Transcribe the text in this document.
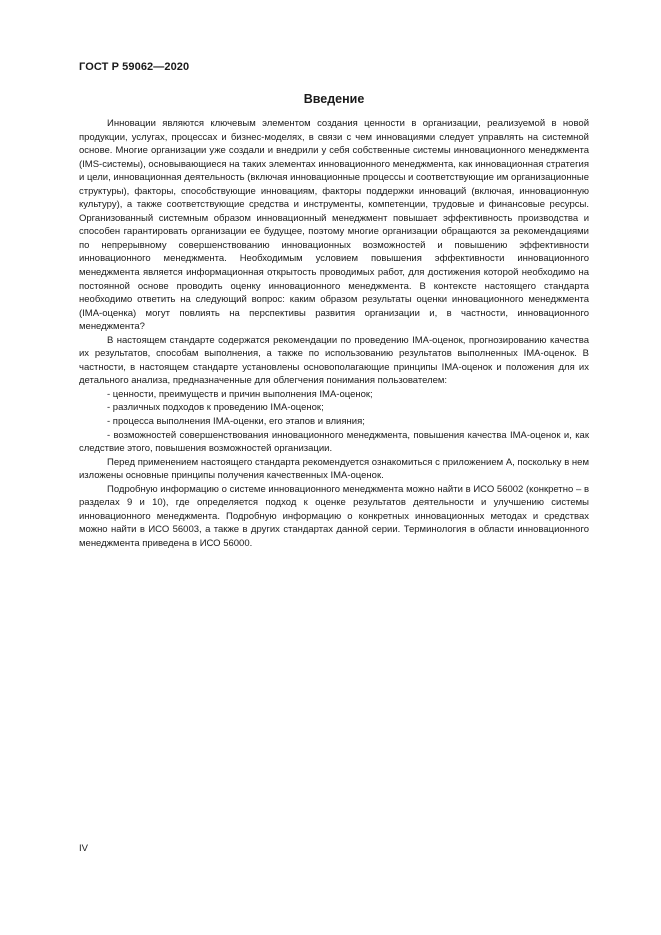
ГОСТ Р 59062—2020
Введение

Инновации являются ключевым элементом создания ценности в организации, реализуемой в новой продукции, услугах, процессах и бизнес-моделях, в связи с чем инновациями следует управлять на системной основе. Многие организации уже создали и внедрили у себя собственные системы инновационного менеджмента (IMS-системы), основывающиеся на таких элементах инновационного менеджмента, как инновационная стратегия и цели, инновационная деятельность (включая инновационные процессы и соответствующие им организационные структуры), факторы, способствующие инновациям, факторы поддержки инноваций (включая, инновационную культуру), а также соответствующие средства и инструменты, компетенции, трудовые и финансовые ресурсы. Организованный системным образом инновационный менеджмент повышает эффективность производства и способен гарантировать организации ее будущее, поэтому многие организации обращаются за рекомендациями по непрерывному совершенствованию инновационных возможностей и повышению эффективности инновационного менеджмента. Необходимым условием повышения эффективности инновационного менеджмента является информационная открытость проводимых работ, для достижения которой необходимо на постоянной основе проводить оценку инновационного менеджмента. В контексте настоящего стандарта необходимо ответить на следующий вопрос: каким образом результаты оценки инновационного менеджмента (IMA-оценка) могут повлиять на перспективы развития организации и, в частности, инновационного менеджмента?

В настоящем стандарте содержатся рекомендации по проведению IMA-оценок, прогнозированию качества их результатов, способам выполнения, а также по использованию результатов выполненных IMA-оценок. В частности, в настоящем стандарте установлены основополагающие принципы IMA-оценок и положения для их детального анализа, предназначенные для облегчения понимания пользователем:

- ценности, преимуществ и причин выполнения IMA-оценок;
- различных подходов к проведению IMA-оценок;
- процесса выполнения IMA-оценки, его этапов и влияния;
- возможностей совершенствования инновационного менеджмента, повышения качества IMA-оценок и, как следствие этого, повышения возможностей организации.

Перед применением настоящего стандарта рекомендуется ознакомиться с приложением А, поскольку в нем изложены основные принципы получения качественных IMA-оценок.

Подробную информацию о системе инновационного менеджмента можно найти в ИСО 56002 (конкретно – в разделах 9 и 10), где определяется подход к оценке результатов деятельности и улучшению системы инновационного менеджмента. Подробную информацию о конкретных инновационных методах и средствах можно найти в ИСО 56003, а также в других стандартах данной серии. Терминология в области инновационного менеджмента приведена в ИСО 56000.

IV
